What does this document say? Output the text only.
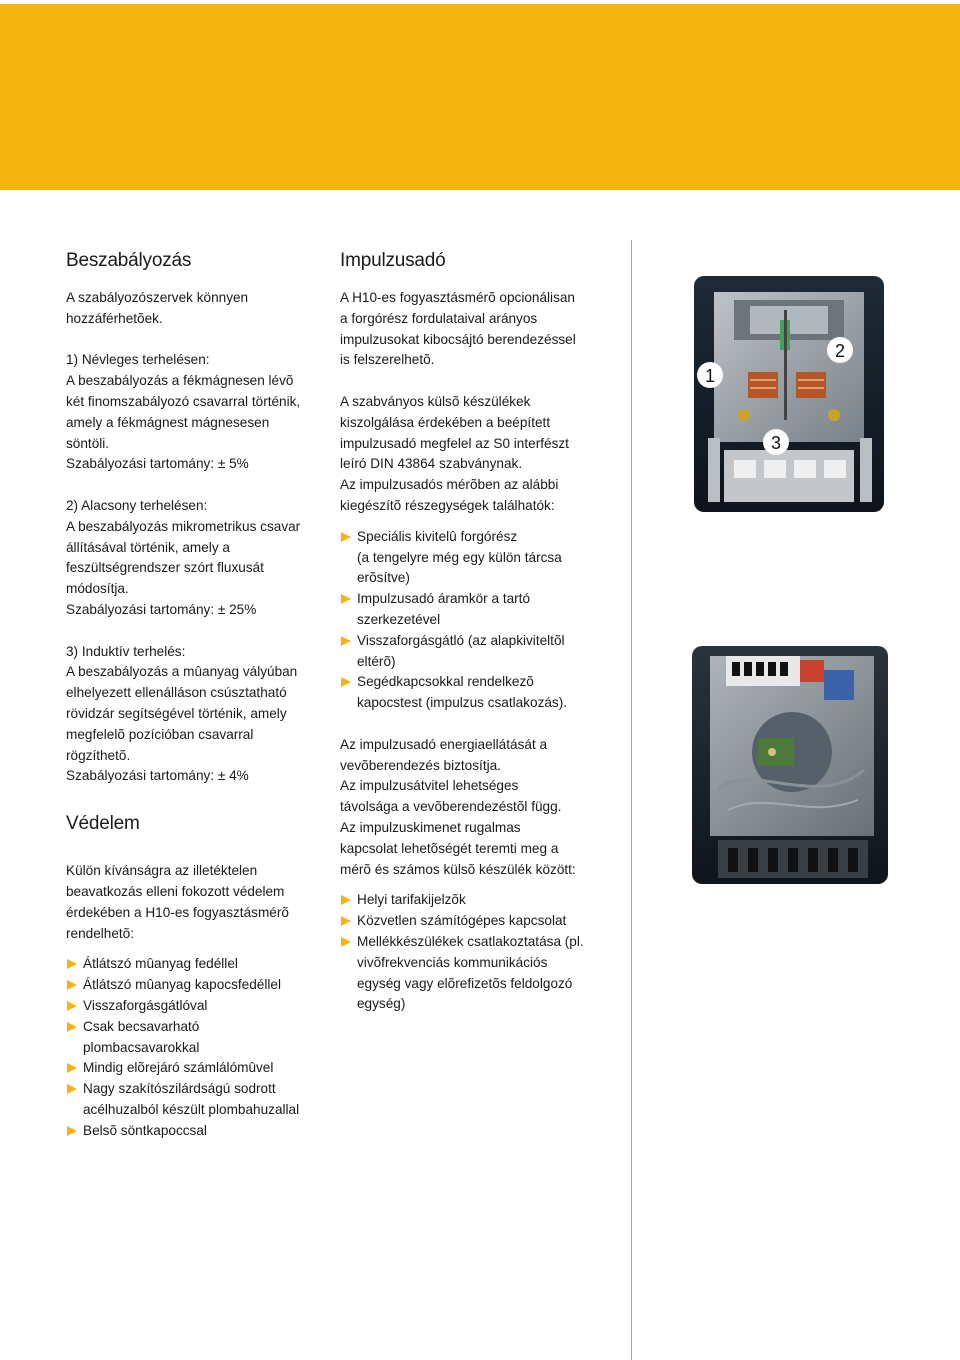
Beszabályozás

A szabályozószervek könnyen
hozzáférhetõek.

1) Névleges terhelésen:
A beszabályozás a fékmágnesen lévõ
két finomszabályozó csavarral történik,
amely a fékmágnest mágnesesen
söntöli.
Szabályozási tartomány: ± 5%

2) Alacsony terhelésen:
A beszabályozás mikrometrikus csavar
állításával történik, amely a
feszültségrendszer szórt fluxusát
módosítja.
Szabályozási tartomány: ± 25%

3) Induktív terhelés:
A beszabályozás a mûanyag vályúban
elhelyezett ellenálláson csúsztatható
rövidzár segítségével történik, amely
megfelelõ pozícióban csavarral
rögzíthetõ.
Szabályozási tartomány: ± 4%

Védelem

Külön kívánságra az illetéktelen
beavatkozás elleni fokozott védelem
érdekében a H10-es fogyasztásmérõ
rendelhetõ:

Átlátszó mûanyag fedéllel
Átlátszó mûanyag kapocsfedéllel
Visszaforgásgátlóval
Csak becsavarható
plombacsavarokkal
Mindig elõrejáró számlálómûvel
Nagy szakítószilárdságú sodrott
acélhuzalból készült plombahuzallal
Belsõ söntkapoccsal
Impulzusadó

A H10-es fogyasztásmérõ opcionálisan
a forgórész fordulataival arányos
impulzusokat kibocsájtó berendezéssel
is felszerelhetõ.

A szabványos külsõ készülékek
kiszolgálása érdekében a beépített
impulzusadó megfelel az S0 interfészt
leíró DIN 43864 szabványnak.
Az impulzusadós mérõben az alábbi
kiegészítõ részegységek találhatók:

Speciális kivitelû forgórész
(a tengelyre még egy külön tárcsa
erõsítve)
Impulzusadó áramkör a tartó
szerkezetével
Visszaforgásgátló (az alapkiviteltõl
eltérõ)
Segédkapcsokkal rendelkezõ
kapocstest (impulzus csatlakozás).

Az impulzusadó energiaellátását a
vevõberendezés biztosítja.
Az impulzusátvitel lehetséges
távolsága a vevõberendezéstõl függ.
Az impulzuskimenet rugalmas
kapcsolat lehetõségét teremti meg a
mérõ és számos külsõ készülék között:

Helyi tarifakijelzõk
Közvetlen számítógépes kapcsolat
Mellékkészülékek csatlakoztatása (pl.
vivõfrekvenciás kommunikációs
egység vagy elõrefizetõs feldolgozó
egység)
1
2
3
